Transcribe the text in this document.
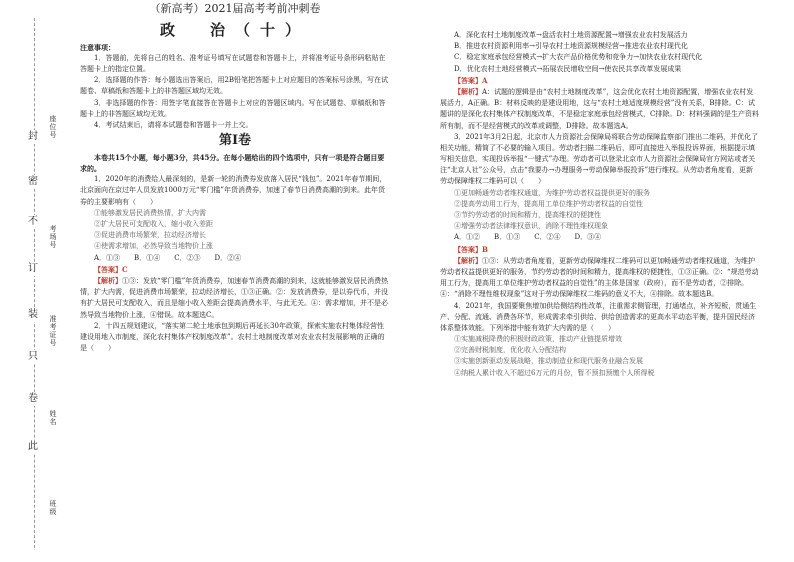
封
密
不
订
装
只
卷
此
座位号
考场号
准考证号
姓名
班级

（新高考）2021届高考考前冲刺卷

政　治（十）

注意事项：

1．答题前，先将自己的姓名、准考证号填写在试题卷和答题卡上，并将准考证号条形码粘贴在答题卡上的指定位置。

2．选择题的作答：每小题选出答案后，用2B铅笔把答题卡上对应题目的答案标号涂黑，写在试题卷、草稿纸和答题卡上的非答题区域均无效。

3．非选择题的作答：用签字笔直接答在答题卡上对应的答题区域内。写在试题卷、草稿纸和答题卡上的非答题区域均无效。

4．考试结束后，请将本试题卷和答题卡一并上交。

第Ⅰ卷

本卷共15个小题，每小题3分，共45分。在每小题给出的四个选项中，只有一项是符合题目要求的。

1．2020年的消费给人最深刻的，是新一轮的消费券发放落入居民“钱包”。2021年春节期间，北京面向在京过年人员发放1000万元“零门槛”年货消费券，加速了春节日消费高潮的到来。此年货券的主要影响有（　　）

①能够激发居民消费热情，扩大内需

②扩大居民可支配收入，缩小收入差距

③促进消费市场繁荣，拉动经济增长

④使需求增加，必然导致当地物价上涨

A．①③　　B．①④　　C．②③　　D．②④

【答案】C

【解析】①③：发放“零门槛”年货消费券，加速春节消费高潮的到来，这就能够激发居民消费热情，扩大内需，促进消费市场繁荣，拉动经济增长，①③正确。②：发放消费券，是以券代币，并没有扩大居民可支配收入，而且是缩小收入差距会提高消费水平，与此无关。④：需求增加，并不是必然导致当地物价上涨，④错误。故本题选C。

2．十四五规划建议，“落实第二轮土地承包到期后再延长30年政策，探索实施农村集体经营性建设用地入市制度，深化农村集体产权制度改革”。农村土地制度改革对农业农村发展影响的正确的是（　　）

A．深化农村土地制度改革→盘活农村土地资源配置→增强农业农村发展活力

B．推进农村资源利用率→引导农村土地资源规模经营→推进农业农村现代化

C．稳定家庭承包经营模式→扩大农产品价格优势和竞争力→加快农业农村现代化

D．优化农村土地经营模式→拓展农民增收空间→使农民共享改革发展成果

【答案】A

【解析】A：试题的逻辑是由“农村土地制度改革”，这会优化农村土地资源配置，增强农业农村发展活力，A正确。B：材料反映的是建设用地，这与“农村土地适度规模经营”没有关系，B排除。C：试题讲的是深化农村集体产权制度改革，不是稳定家庭承包经营模式，C排除。D：材料强调的是生产资料所有制，而不是经营模式的改革或调整，D排除。故本题选A。

3．2021年3月2日起，北京市人力资源社会保障局将联合劳动保障监察部门推出二维码，并优化了相关功能，精简了不必要的输入项目。劳动者扫描二维码后，即可直接进入举报投诉界面，根据提示填写相关信息，实现投诉举报“一键式”办理。劳动者可以登录北京市人力资源社会保障局官方网站或者关注“北京人社”公众号，点击“我要办→办理服务→劳动保障举报投诉”进行维权。从劳动者角度看，更新劳动保障维权二维码可以（　　）

①更加畅通劳动者维权通道，为维护劳动者权益提供更好的服务

②提高劳动用工行为，提高用工单位维护劳动者权益的自觉性

③节约劳动者的时间和精力，提高维权的便捷性

④增强劳动者法律维权意识，消除不理性维权现象

A．①②　　B．①③　　C．②④　　D．③④

【答案】B

【解析】①③：从劳动者角度看，更新劳动保障维权二维码可以更加畅通劳动者维权通道，为维护劳动者权益提供更好的服务，节约劳动者的时间和精力，提高维权的便捷性，①③正确。②：“规范劳动用工行为，提高用工单位维护劳动者权益的自觉性”的主体是国家（政府），而不是劳动者，②排除。④：“消除不理性维权现象”这对于劳动保障维权二维码的意义不大，④排除。故本题选B。

4．2021年，我国要聚焦增加供给侧结构性改革，注重需求侧管理，打通堵点，补齐短板，贯通生产、分配、流通、消费各环节，形成需求牵引供给、供给创造需求的更高水平动态平衡，提升国民经济体系整体效能。下列举措中能有效扩大内需的是（　　）

①实施减税降费的积极财政政策，推动产业链提质增效

②完善财税制度，优化收入分配结构

③实施创新驱动发展战略，推动制造业和现代服务业融合发展

④纳税人累计收入不超过6万元的月份，暂不预扣预缴个人所得税
